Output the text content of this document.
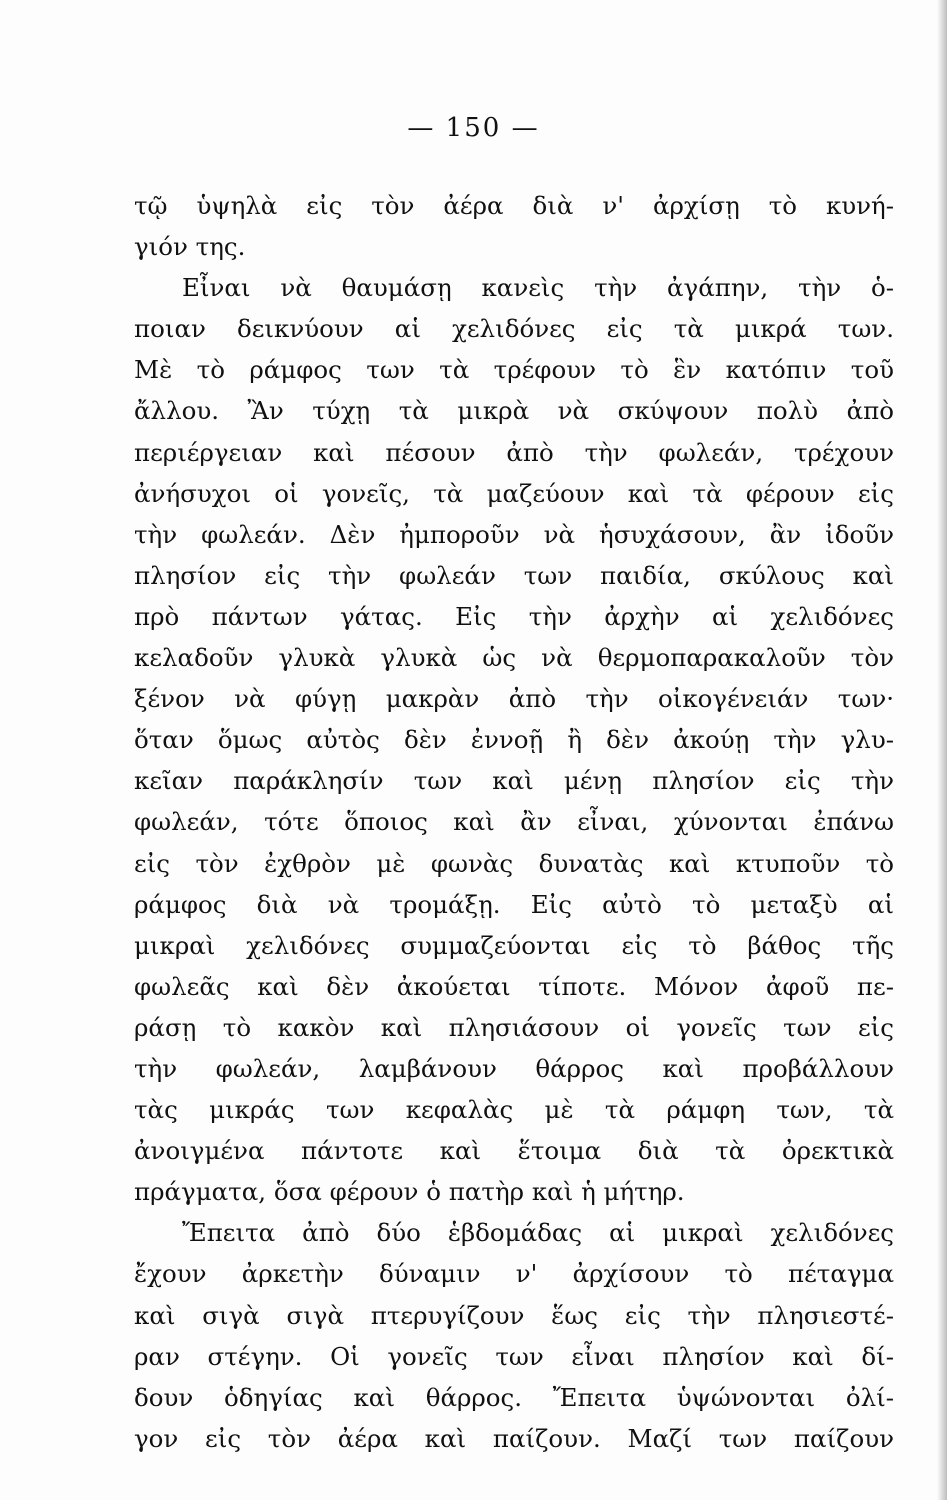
— 150 —
τῷ ὑψηλὰ εἰς τὸν ἀέρα διὰ ν' ἀρχίσῃ τὸ κυνή-
γιόν της.
Εἶναι νὰ θαυμάσῃ κανεὶς τὴν ἀγάπην, τὴν ὁ-
ποιαν δεικνύουν αἱ χελιδόνες εἰς τὰ μικρά των.
Μὲ τὸ ράμφος των τὰ τρέφουν τὸ ἓν κατόπιν τοῦ
ἄλλου. Ἂν τύχῃ τὰ μικρὰ νὰ σκύψουν πολὺ ἀπὸ
περιέργειαν καὶ πέσουν ἀπὸ τὴν φωλεάν, τρέχουν
ἀνήσυχοι οἱ γονεῖς, τὰ μαζεύουν καὶ τὰ φέρουν εἰς
τὴν φωλεάν. Δὲν ἠμποροῦν νὰ ἡσυχάσουν, ἂν ἰδοῦν
πλησίον εἰς τὴν φωλεάν των παιδία, σκύλους καὶ
πρὸ πάντων γάτας. Εἰς τὴν ἀρχὴν αἱ χελιδόνες
κελαδοῦν γλυκὰ γλυκὰ ὡς νὰ θερμοπαρακαλοῦν τὸν
ξένον νὰ φύγῃ μακρὰν ἀπὸ τὴν οἰκογένειάν των·
ὅταν ὅμως αὐτὸς δὲν ἐννοῇ ἢ δὲν ἀκούῃ τὴν γλυ-
κεῖαν παράκλησίν των καὶ μένῃ πλησίον εἰς τὴν
φωλεάν, τότε ὅποιος καὶ ἂν εἶναι, χύνονται ἐπάνω
εἰς τὸν ἐχθρὸν μὲ φωνὰς δυνατὰς καὶ κτυποῦν τὸ
ράμφος διὰ νὰ τρομάξῃ. Εἰς αὐτὸ τὸ μεταξὺ αἱ
μικραὶ χελιδόνες συμμαζεύονται εἰς τὸ βάθος τῆς
φωλεᾶς καὶ δὲν ἀκούεται τίποτε. Μόνον ἀφοῦ πε-
ράσῃ τὸ κακὸν καὶ πλησιάσουν οἱ γονεῖς των εἰς
τὴν φωλεάν, λαμβάνουν θάρρος καὶ προβάλλουν
τὰς μικράς των κεφαλὰς μὲ τὰ ράμφη των, τὰ
ἀνοιγμένα πάντοτε καὶ ἕτοιμα διὰ τὰ ὀρεκτικὰ
πράγματα, ὅσα φέρουν ὁ πατὴρ καὶ ἡ μήτηρ.
Ἔπειτα ἀπὸ δύο ἑβδομάδας αἱ μικραὶ χελιδόνες
ἔχουν ἀρκετὴν δύναμιν ν' ἀρχίσουν τὸ πέταγμα
καὶ σιγὰ σιγὰ πτερυγίζουν ἕως εἰς τὴν πλησιεστέ-
ραν στέγην. Οἱ γονεῖς των εἶναι πλησίον καὶ δί-
δουν ὁδηγίας καὶ θάρρος. Ἔπειτα ὑψώνονται ὀλί-
γον εἰς τὸν ἀέρα καὶ παίζουν. Μαζί των παίζουν
